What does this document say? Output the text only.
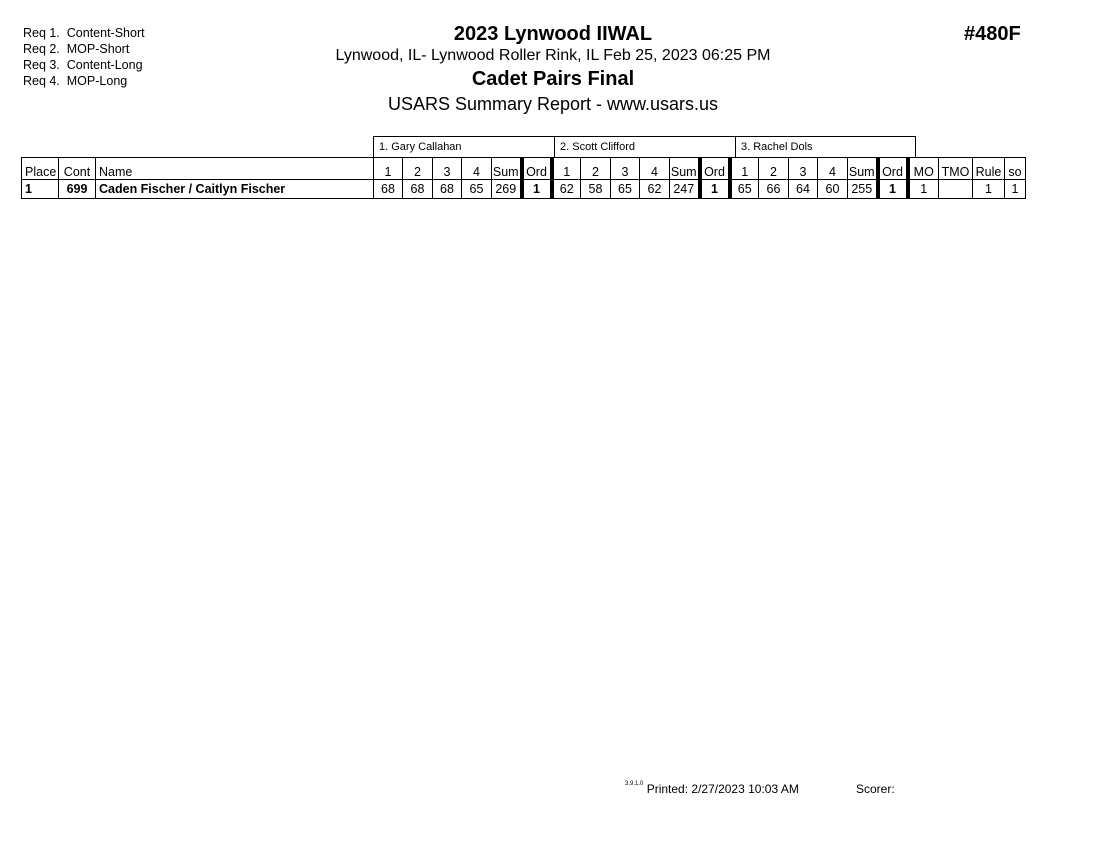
Req 1.  Content-Short
Req 2.  MOP-Short
Req 3.  Content-Long
Req 4.  MOP-Long
2023 Lynwood IIWAL
Lynwood, IL- Lynwood Roller Rink, IL Feb 25, 2023 06:25 PM
Cadet Pairs Final
USARS Summary Report - www.usars.us
#480F
1. Gary Callahan	2. Scott Clifford	3. Rachel Dols
Place	Cont	Name	1	2	3	4	Sum	Ord	1	2	3	4	Sum	Ord	1	2	3	4	Sum	Ord	MO	TMO	Rule	so
1	699	Caden Fischer / Caitlyn Fischer	68	68	68	65	269	1	62	58	65	62	247	1	65	66	64	60	255	1	1		1	1
$^{3.9.1.0}$ Printed: 2/27/2023 10:03 AM	Scorer:
